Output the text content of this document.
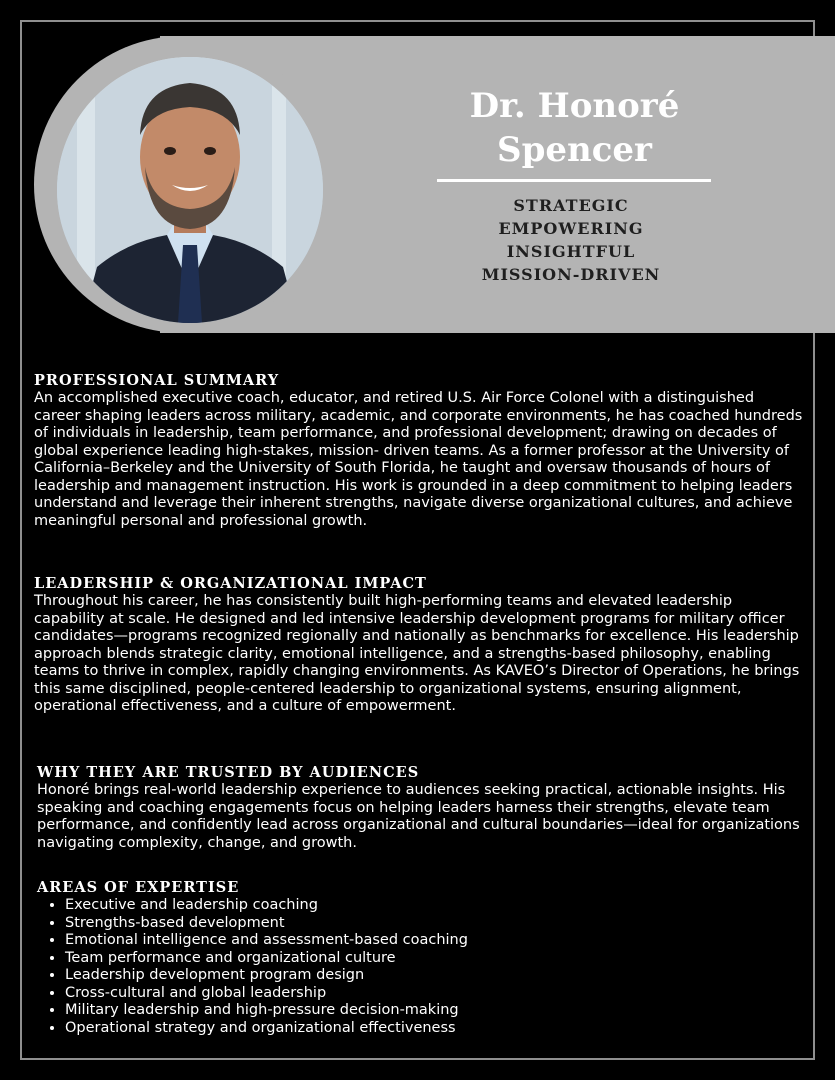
Dr. Honoré Spencer
STRATEGIC
EMPOWERING
INSIGHTFUL
MISSION-DRIVEN
PROFESSIONAL SUMMARY

An accomplished executive coach, educator, and retired U.S. Air Force Colonel with a distinguished career shaping leaders across military, academic, and corporate environments, he has coached hundreds of individuals in leadership, team performance, and professional development; drawing on decades of global experience leading high-stakes, mission- driven teams. As a former professor at the University of California–Berkeley and the University of South Florida, he taught and oversaw thousands of hours of leadership and management instruction. His work is grounded in a deep commitment to helping leaders understand and leverage their inherent strengths, navigate diverse organizational cultures, and achieve meaningful personal and professional growth.

LEADERSHIP & ORGANIZATIONAL IMPACT

Throughout his career, he has consistently built high-performing teams and elevated leadership capability at scale. He designed and led intensive leadership development programs for military officer candidates—programs recognized regionally and nationally as benchmarks for excellence. His leadership approach blends strategic clarity, emotional intelligence, and a strengths-based philosophy, enabling teams to thrive in complex, rapidly changing environments. As KAVEO’s Director of Operations, he brings this same disciplined, people-centered leadership to organizational systems, ensuring alignment, operational effectiveness, and a culture of empowerment.

WHY THEY ARE TRUSTED BY AUDIENCES

Honoré brings real-world leadership experience to audiences seeking practical, actionable insights. His speaking and coaching engagements focus on helping leaders harness their strengths, elevate team performance, and confidently lead across organizational and cultural boundaries—ideal for organizations navigating complexity, change, and growth.

AREAS OF EXPERTISE
• Executive and leadership coaching
• Strengths-based development
• Emotional intelligence and assessment-based coaching
• Team performance and organizational culture
• Leadership development program design
• Cross-cultural and global leadership
• Military leadership and high-pressure decision-making
• Operational strategy and organizational effectiveness
